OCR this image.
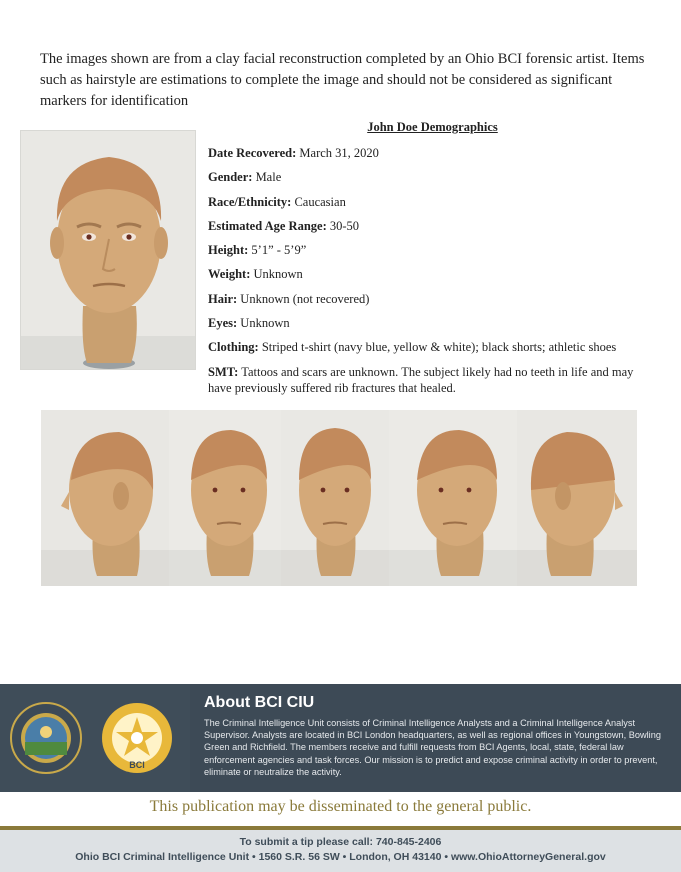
The images shown are from a clay facial reconstruction completed by an Ohio BCI forensic artist. Items such as hairstyle are estimations to complete the image and should not be considered as significant markers for identification

John Doe Demographics

Date Recovered: March 31, 2020

Gender: Male

Race/Ethnicity: Caucasian

Estimated Age Range: 30-50

Height: 5’1” - 5’9”

Weight: Unknown

Hair: Unknown (not recovered)

Eyes: Unknown

Clothing: Striped t-shirt (navy blue, yellow & white); black shorts; athletic shoes

SMT: Tattoos and scars are unknown. The subject likely had no teeth in life and may have previously suffered rib fractures that healed.

BCI
About BCI CIU

The Criminal Intelligence Unit consists of Criminal Intelligence Analysts and a Criminal Intelligence Analyst Supervisor. Analysts are located in BCI London headquarters, as well as regional offices in Youngstown, Bowling Green and Richfield. The members receive and fulfill requests from BCI Agents, local, state, federal law enforcement agencies and task forces. Our mission is to predict and expose criminal activity in order to prevent, eliminate or neutralize the activity.

This publication may be disseminated to the general public.
To submit a tip please call: 740-845-2406
Ohio BCI Criminal Intelligence Unit • 1560 S.R. 56 SW • London, OH 43140 • www.OhioAttorneyGeneral.gov
